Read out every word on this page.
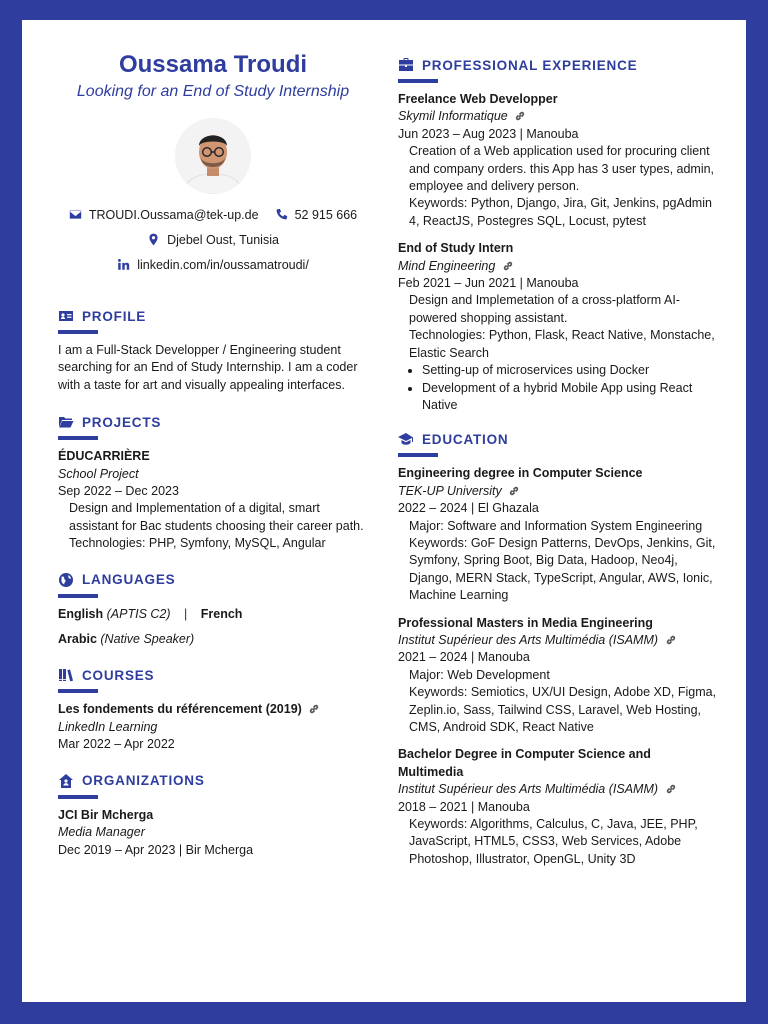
Oussama Troudi
Looking for an End of Study Internship
TROUDI.Oussama@tek-up.de	52 915 666
Djebel Oust, Tunisia
linkedin.com/in/oussamatroudi/
PROFILE
I am a Full-Stack Developper / Engineering student searching for an End of Study Internship. I am a coder with a taste for art and visually appealing interfaces.
PROJECTS
ÉDUCARRIÈRE
School Project
Sep 2022 – Dec 2023
Design and Implementation of a digital, smart assistant for Bac students choosing their career path.
Technologies: PHP, Symfony, MySQL, Angular
LANGUAGES
English (APTIS C2) | French
Arabic (Native Speaker)
COURSES
Les fondements du référencement (2019)
LinkedIn Learning
Mar 2022 – Apr 2022
ORGANIZATIONS
JCI Bir Mcherga
Media Manager
Dec 2019 – Apr 2023 | Bir Mcherga
PROFESSIONAL EXPERIENCE
Freelance Web Developper
Skymil Informatique
Jun 2023 – Aug 2023 | Manouba
Creation of a Web application used for procuring client and company orders. this App has 3 user types, admin, employee and delivery person.
Keywords: Python, Django, Jira, Git, Jenkins, pgAdmin 4, ReactJS, Postegres SQL, Locust, pytest
End of Study Intern
Mind Engineering
Feb 2021 – Jun 2021 | Manouba
Design and Implemetation of a cross-platform AI-powered shopping assistant.
Technologies: Python, Flask, React Native, Monstache, Elastic Search
• Setting-up of microservices using Docker
• Development of a hybrid Mobile App using React Native
EDUCATION
Engineering degree in Computer Science
TEK-UP University
2022 – 2024 | El Ghazala
Major: Software and Information System Engineering
Keywords: GoF Design Patterns, DevOps, Jenkins, Git, Symfony, Spring Boot, Big Data, Hadoop, Neo4j, Django, MERN Stack, TypeScript, Angular, AWS, Ionic, Machine Learning
Professional Masters in Media Engineering
Institut Supérieur des Arts Multimédia (ISAMM)
2021 – 2024 | Manouba
Major: Web Development
Keywords: Semiotics, UX/UI Design, Adobe XD, Figma, Zeplin.io, Sass, Tailwind CSS, Laravel, Web Hosting, CMS, Android SDK, React Native
Bachelor Degree in Computer Science and Multimedia
Institut Supérieur des Arts Multimédia (ISAMM)
2018 – 2021 | Manouba
Keywords: Algorithms, Calculus, C, Java, JEE, PHP, JavaScript, HTML5, CSS3, Web Services, Adobe Photoshop, Illustrator, OpenGL, Unity 3D
